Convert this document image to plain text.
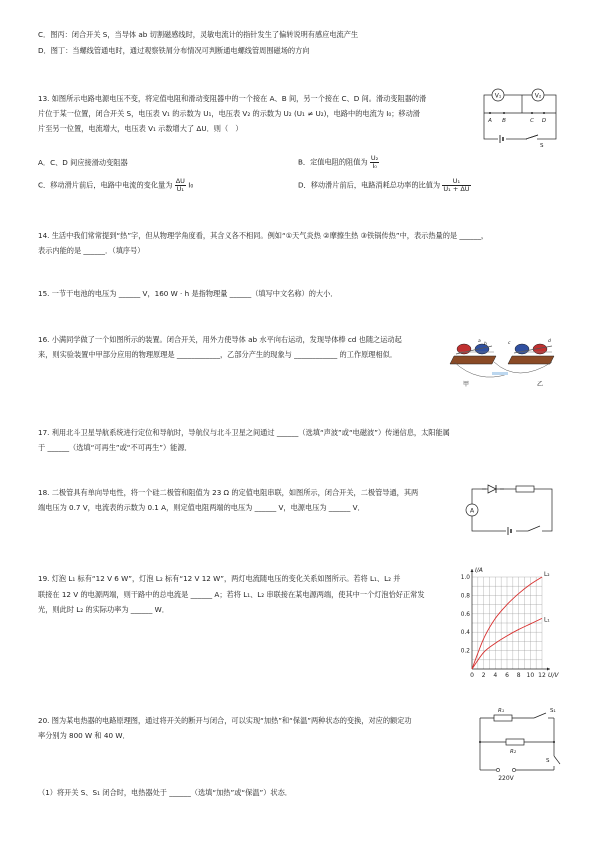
C．图丙：闭合开关 S，当导体 ab 切割磁感线时，灵敏电流计的指针发生了偏转说明有感应电流产生
D．图丁：当螺线管通电时，通过观察铁屑分布情况可判断通电螺线管周围磁场的方向
13. 如图所示电路电源电压不变，将定值电阻和滑动变阻器中的一个接在 A、B 间，另一个接在 C、D 间。滑动变阻器的滑
片位于某一位置，闭合开关 S，电压表 V₁ 的示数为 U₁，电压表 V₂ 的示数为 U₂ (U₁ ≠ U₂)，电路中的电流为 I₀；移动滑
片至另一位置，电流增大，电压表 V₁ 示数增大了 ΔU．则（　）
V₁	V₂
A B	C D
S
A．C、D 间应接滑动变阻器	B．定值电阻的阻值为 $\frac{\text{U₂}}{\text{I₀}}$
C．移动滑片前后，电路中电流的变化量为 $\frac{\Delta U}{\text{U₁}} I_0$	D．移动滑片前后，电路消耗总功率的比值为 $\frac{\text{U₁}}{\text{U₁ + ΔU}}$
14. 生活中我们常常提到“热”字，但从物理学角度看，其含义各不相同。例如“①天气炎热 ②摩擦生热 ③铁锅传热”中，表示热量的是 ______，
表示内能的是 ______．（填序号）
15. 一节干电池的电压为 ______ V，160 W · h 是指物理量 ______（填写中文名称）的大小．
16. 小满同学做了一个如图所示的装置。闭合开关，用外力使导体 ab 水平向右运动，发现导体棒 cd 也随之运动起
来，则实验装置中甲部分应用的物理原理是 ____________，乙部分产生的现象与 ____________ 的工作原理相似．
a
b	c	d
甲	乙
17. 利用北斗卫星导航系统进行定位和导航时，导航仪与北斗卫星之间通过 ______（选填“声波”或“电磁波”）传递信息，太阳能属
于 ______（选填“可再生”或“不可再生”）能源．
18. 二极管具有单向导电性，将一个硅二极管和阻值为 23 Ω 的定值电阻串联，如图所示，闭合开关，二极管导通，其两
端电压为 0.7 V，电流表的示数为 0.1 A，则定值电阻两端的电压为 ______ V，电源电压为 ______ V．	A
19. 灯泡 L₁ 标有“12 V 6 W”，灯泡 L₂ 标有“12 V 12 W”，两灯电流随电压的变化关系如图所示。若将 L₁、L₂ 并
联接在 12 V 的电源两端，则干路中的总电流是 ______ A；若将 L₁、L₂ 串联接在某电源两端，使其中一个灯泡恰好正常发
光，则此时 L₂ 的实际功率为 ______ W．
0 2 4 6 8 10 12
0.2
0.4
0.6
0.8
1.0
U/V
I/A
L₂
L₁
20. 图为某电热器的电路原理图，通过将开关的断开与闭合，可以实现“加热”和“保温”两种状态的变换，对应的额定功
率分别为 800 W 和 40 W．
R₁	S₁
R₂
S
220V
（1）将开关 S、S₁ 闭合时，电热器处于 ______（选填“加热”或“保温”）状态．
